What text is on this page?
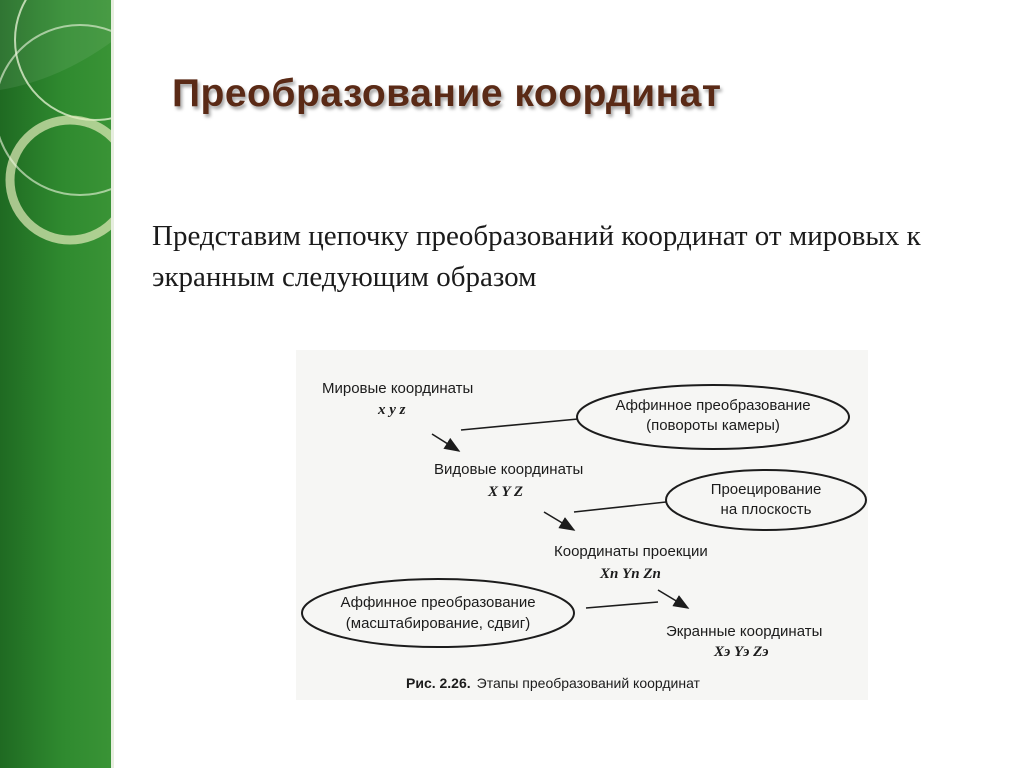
Преобразование координат
Представим цепочку преобразований координат от мировых к экранным следующим образом
Мировые координаты
x y z
Видовые координаты
X Y Z
Координаты проекции
Xп Yп Zп
Экранные координаты
Xэ Yэ Zэ
Аффинное преобразование
(повороты камеры)
Проецирование
на плоскость
Аффинное преобразование
(масштабирование, сдвиг)
Рис. 2.26. Этапы преобразований координат
